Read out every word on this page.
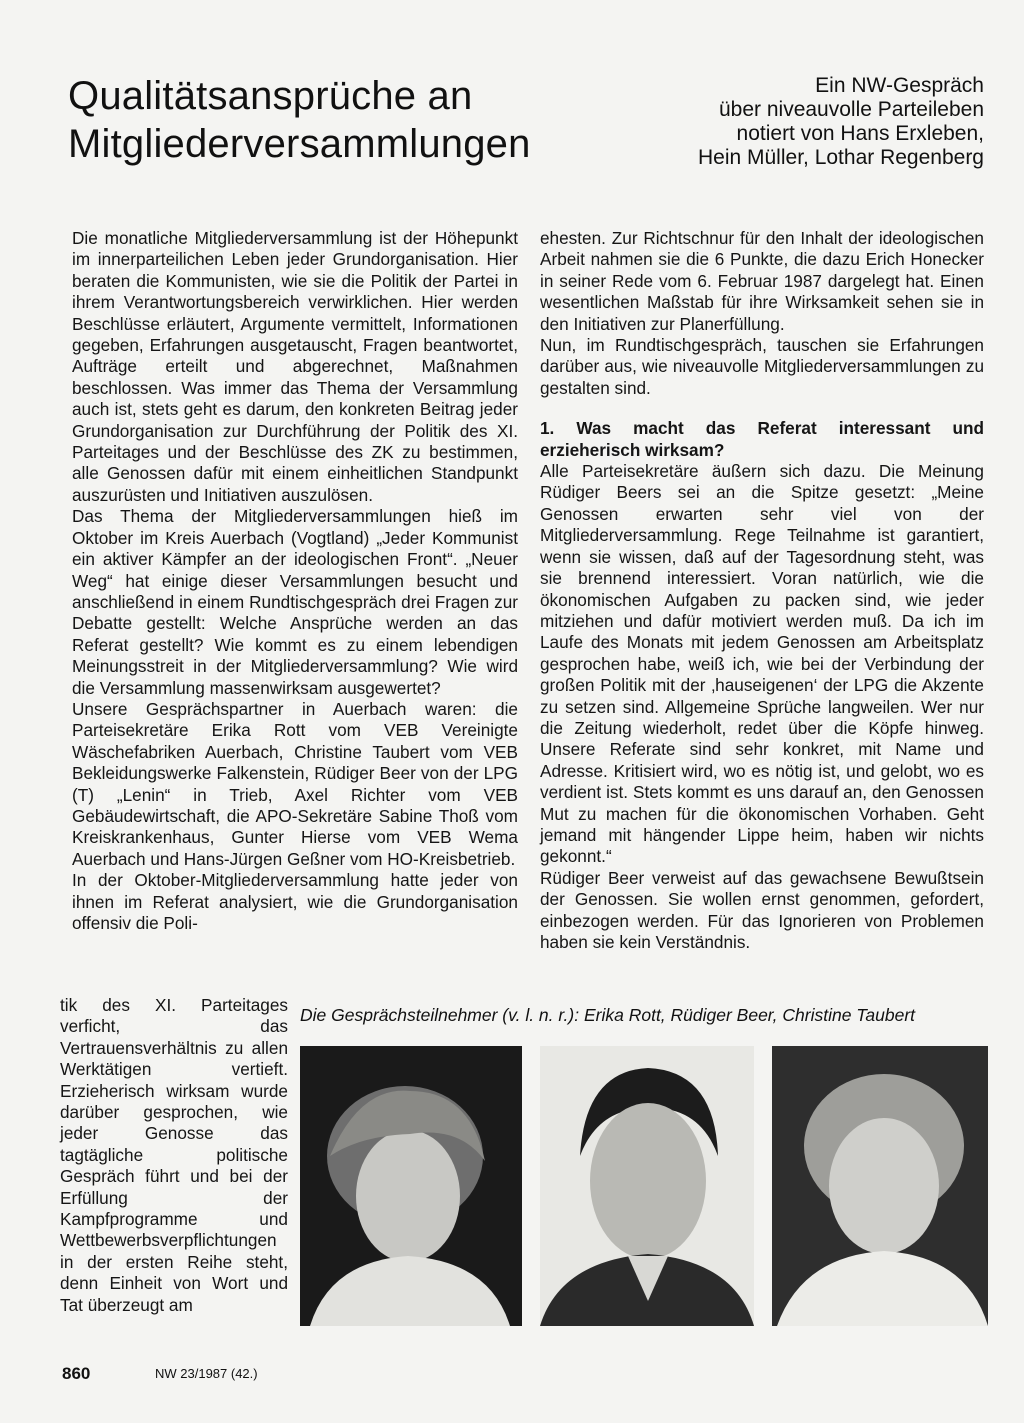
Qualitätsansprüche an
Mitgliederversammlungen
Ein NW-Gespräch
über niveauvolle Parteileben
notiert von Hans Erxleben,
Hein Müller, Lothar Regenberg

Die monatliche Mitgliederversammlung ist der Höhepunkt im innerparteilichen Leben jeder Grundorganisation. Hier beraten die Kommunisten, wie sie die Politik der Partei in ihrem Verantwortungsbereich verwirklichen. Hier werden Beschlüsse erläutert, Argumente vermittelt, Informationen gegeben, Erfahrungen ausgetauscht, Fragen beantwortet, Aufträge erteilt und abgerechnet, Maßnahmen beschlossen. Was immer das Thema der Versammlung auch ist, stets geht es darum, den konkreten Beitrag jeder Grundorganisation zur Durchführung der Politik des XI. Parteitages und der Beschlüsse des ZK zu bestimmen, alle Genossen dafür mit einem einheitlichen Standpunkt auszurüsten und Initiativen auszulösen.

Das Thema der Mitgliederversammlungen hieß im Oktober im Kreis Auerbach (Vogtland) „Jeder Kommunist ein aktiver Kämpfer an der ideologischen Front“. „Neuer Weg“ hat einige dieser Versammlungen besucht und anschließend in einem Rundtischgespräch drei Fragen zur Debatte gestellt: Welche Ansprüche werden an das Referat gestellt? Wie kommt es zu einem lebendigen Meinungsstreit in der Mitgliederversammlung? Wie wird die Versammlung massenwirksam ausgewertet?

Unsere Gesprächspartner in Auerbach waren: die Parteisekretäre Erika Rott vom VEB Vereinigte Wäschefabriken Auerbach, Christine Taubert vom VEB Bekleidungswerke Falkenstein, Rüdiger Beer von der LPG (T) „Lenin“ in Trieb, Axel Richter vom VEB Gebäudewirtschaft, die APO-Sekretäre Sabine Thoß vom Kreiskrankenhaus, Gunter Hierse vom VEB Wema Auerbach und Hans-Jürgen Geßner vom HO-Kreisbetrieb.

In der Oktober-Mitgliederversammlung hatte jeder von ihnen im Referat analysiert, wie die Grundorganisation offensiv die Poli-

tik des XI. Parteitages verficht, das Vertrauensverhältnis zu allen Werktätigen vertieft. Erzieherisch wirksam wurde darüber gesprochen, wie jeder Genosse das tagtägliche politische Gespräch führt und bei der Erfüllung der Kampfprogramme und Wettbewerbsverpflichtungen in der ersten Reihe steht, denn Einheit von Wort und Tat überzeugt am

ehesten. Zur Richtschnur für den Inhalt der ideologischen Arbeit nahmen sie die 6 Punkte, die dazu Erich Honecker in seiner Rede vom 6. Februar 1987 dargelegt hat. Einen wesentlichen Maßstab für ihre Wirksamkeit sehen sie in den Initiativen zur Planerfüllung.

Nun, im Rundtischgespräch, tauschen sie Erfahrungen darüber aus, wie niveauvolle Mitgliederversammlungen zu gestalten sind.

1. Was macht das Referat interessant und erzieherisch wirksam?

Alle Parteisekretäre äußern sich dazu. Die Meinung Rüdiger Beers sei an die Spitze gesetzt: „Meine Genossen erwarten sehr viel von der Mitgliederversammlung. Rege Teilnahme ist garantiert, wenn sie wissen, daß auf der Tagesordnung steht, was sie brennend interessiert. Voran natürlich, wie die ökonomischen Aufgaben zu packen sind, wie jeder mitziehen und dafür motiviert werden muß. Da ich im Laufe des Monats mit jedem Genossen am Arbeitsplatz gesprochen habe, weiß ich, wie bei der Verbindung der großen Politik mit der ‚hauseigenen‘ der LPG die Akzente zu setzen sind. Allgemeine Sprüche langweilen. Wer nur die Zeitung wiederholt, redet über die Köpfe hinweg. Unsere Referate sind sehr konkret, mit Name und Adresse. Kritisiert wird, wo es nötig ist, und gelobt, wo es verdient ist. Stets kommt es uns darauf an, den Genossen Mut zu machen für die ökonomischen Vorhaben. Geht jemand mit hängender Lippe heim, haben wir nichts gekonnt.“

Rüdiger Beer verweist auf das gewachsene Bewußtsein der Genossen. Sie wollen ernst genommen, gefordert, einbezogen werden. Für das Ignorieren von Problemen haben sie kein Verständnis.

Die Gesprächsteilnehmer (v. l. n. r.): Erika Rott, Rüdiger Beer, Christine Taubert
860	NW 23/1987 (42.)
